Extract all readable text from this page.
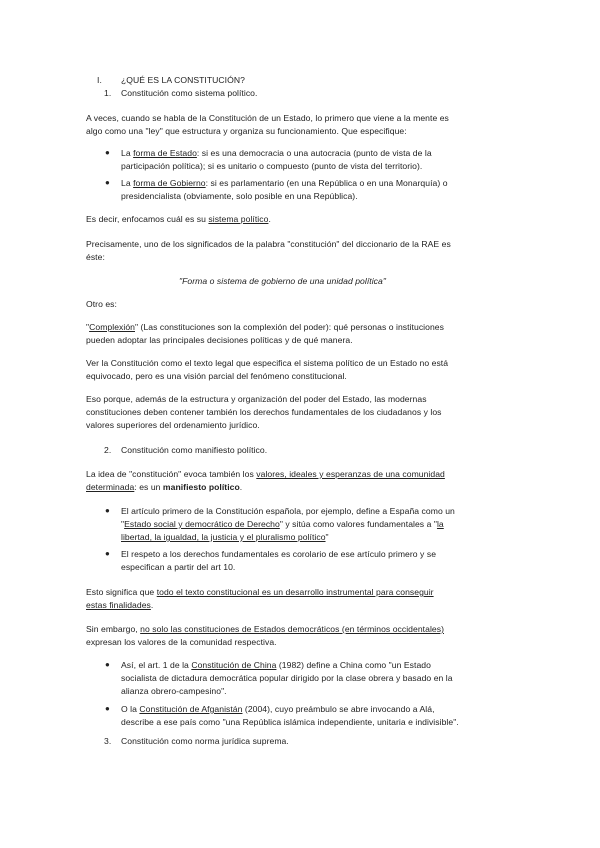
I. ¿QUÉ ES LA CONSTITUCIÓN?
1. Constitución como sistema político.
A veces, cuando se habla de la Constitución de un Estado, lo primero que viene a la mente es
algo como una "ley" que estructura y organiza su funcionamiento. Que especifique:
● La forma de Estado: si es una democracia o una autocracia (punto de vista de la
participación política); si es unitario o compuesto (punto de vista del territorio).
● La forma de Gobierno: si es parlamentario (en una República o en una Monarquía) o
presidencialista (obviamente, solo posible en una República).
Es decir, enfocamos cuál es su sistema político.
Precisamente, uno de los significados de la palabra "constitución" del diccionario de la RAE es
éste:
"Forma o sistema de gobierno de una unidad política"
Otro es:
"Complexión" (Las constituciones son la complexión del poder): qué personas o instituciones
pueden adoptar las principales decisiones políticas y de qué manera.
Ver la Constitución como el texto legal que especifica el sistema político de un Estado no está
equivocado, pero es una visión parcial del fenómeno constitucional.
Eso porque, además de la estructura y organización del poder del Estado, las modernas
constituciones deben contener también los derechos fundamentales de los ciudadanos y los
valores superiores del ordenamiento jurídico.
2. Constitución como manifiesto político.
La idea de "constitución" evoca también los valores, ideales y esperanzas de una comunidad
determinada: es un manifiesto político.
● El artículo primero de la Constitución española, por ejemplo, define a España como un
"Estado social y democrático de Derecho" y sitúa como valores fundamentales a "la
libertad, la igualdad, la justicia y el pluralismo político"
● El respeto a los derechos fundamentales es corolario de ese artículo primero y se
especifican a partir del art 10.
Esto significa que todo el texto constitucional es un desarrollo instrumental para conseguir
estas finalidades.
Sin embargo, no solo las constituciones de Estados democráticos (en términos occidentales)
expresan los valores de la comunidad respectiva.
● Así, el art. 1 de la Constitución de China (1982) define a China como "un Estado
socialista de dictadura democrática popular dirigido por la clase obrera y basado en la
alianza obrero-campesino".
● O la Constitución de Afganistán (2004), cuyo preámbulo se abre invocando a Alá,
describe a ese país como "una República islámica independiente, unitaria e indivisible".
3. Constitución como norma jurídica suprema.
